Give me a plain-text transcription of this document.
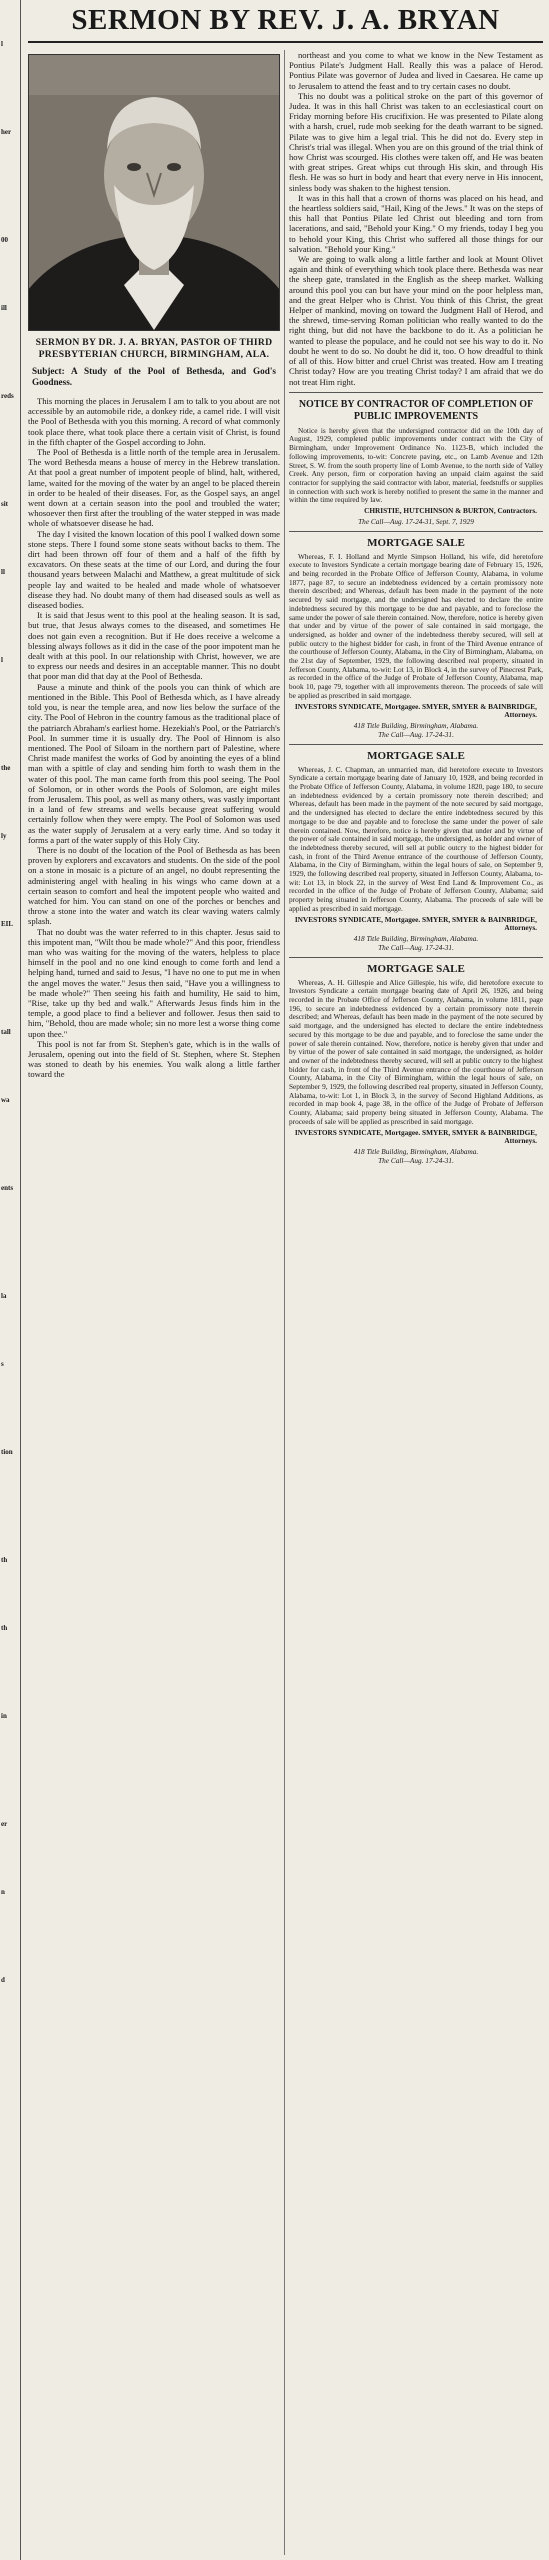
l
her
00
ill
reds
sit
ll
l
the
ly
EIL
tall
wa
ents
la
s
tion
th
th
in
er
n
d
SERMON BY REV. J. A. BRYAN
SERMON BY DR. J. A. BRYAN, PASTOR OF THIRD PRESBYTERIAN CHURCH, BIRMINGHAM, ALA.
Subject: A Study of the Pool of Bethesda, and God's Goodness.

This morning the places in Jerusalem I am to talk to you about are not accessible by an automobile ride, a donkey ride, a camel ride. I will visit the Pool of Bethesda with you this morning. A record of what commonly took place there, what took place there a certain visit of Christ, is found in the fifth chapter of the Gospel according to John.

The Pool of Bethesda is a little north of the temple area in Jerusalem. The word Bethesda means a house of mercy in the Hebrew translation. At that pool a great number of impotent people of blind, halt, withered, lame, waited for the moving of the water by an angel to be placed therein in order to be healed of their diseases. For, as the Gospel says, an angel went down at a certain season into the pool and troubled the water; whosoever then first after the troubling of the water stepped in was made whole of whatsoever disease he had.

The day I visited the known location of this pool I walked down some stone steps. There I found some stone seats without backs to them. The dirt had been thrown off four of them and a half of the fifth by excavators. On these seats at the time of our Lord, and during the four thousand years between Malachi and Matthew, a great multitude of sick people lay and waited to be healed and made whole of whatsoever disease they had. No doubt many of them had diseased souls as well as diseased bodies.

It is said that Jesus went to this pool at the healing season. It is sad, but true, that Jesus always comes to the diseased, and sometimes He does not gain even a recognition. But if He does receive a welcome a blessing always follows as it did in the case of the poor impotent man he dealt with at this pool. In our relationship with Christ, however, we are to express our needs and desires in an acceptable manner. This no doubt that poor man did that day at the Pool of Bethesda.

Pause a minute and think of the pools you can think of which are mentioned in the Bible. This Pool of Bethesda which, as I have already told you, is near the temple area, and now lies below the surface of the city. The Pool of Hebron in the country famous as the traditional place of the patriarch Abraham's earliest home. Hezekiah's Pool, or the Patriarch's Pool. In summer time it is usually dry. The Pool of Hinnom is also mentioned. The Pool of Siloam in the northern part of Palestine, where Christ made manifest the works of God by anointing the eyes of a blind man with a spittle of clay and sending him forth to wash them in the water of this pool. The man came forth from this pool seeing. The Pool of Solomon, or in other words the Pools of Solomon, are eight miles from Jerusalem. This pool, as well as many others, was vastly important in a land of few streams and wells because great suffering would certainly follow when they were empty. The Pool of Solomon was used as the water supply of Jerusalem at a very early time. And so today it forms a part of the water supply of this Holy City.

There is no doubt of the location of the Pool of Bethesda as has been proven by explorers and excavators and students. On the side of the pool on a stone in mosaic is a picture of an angel, no doubt representing the administering angel with healing in his wings who came down at a certain season to comfort and heal the impotent people who waited and watched for him. You can stand on one of the porches or benches and throw a stone into the water and watch its clear waving waters calmly splash.

That no doubt was the water referred to in this chapter. Jesus said to this impotent man, "Wilt thou be made whole?" And this poor, friendless man who was waiting for the moving of the waters, helpless to place himself in the pool and no one kind enough to come forth and lend a helping hand, turned and said to Jesus, "I have no one to put me in when the angel moves the water." Jesus then said, "Have you a willingness to be made whole?" Then seeing his faith and humility, He said to him, "Rise, take up thy bed and walk." Afterwards Jesus finds him in the temple, a good place to find a believer and follower. Jesus then said to him, "Behold, thou are made whole; sin no more lest a worse thing come upon thee."

This pool is not far from St. Stephen's gate, which is in the walls of Jerusalem, opening out into the field of St. Stephen, where St. Stephen was stoned to death by his enemies. You walk along a little farther toward the

northeast and you come to what we know in the New Testament as Pontius Pilate's Judgment Hall. Really this was a palace of Herod. Pontius Pilate was governor of Judea and lived in Caesarea. He came up to Jerusalem to attend the feast and to try certain cases no doubt.

This no doubt was a political stroke on the part of this governor of Judea. It was in this hall Christ was taken to an ecclesiastical court on Friday morning before His crucifixion. He was presented to Pilate along with a harsh, cruel, rude mob seeking for the death warrant to be signed. Pilate was to give him a legal trial. This he did not do. Every step in Christ's trial was illegal. When you are on this ground of the trial think of how Christ was scourged. His clothes were taken off, and He was beaten with great stripes. Great whips cut through His skin, and through His flesh. He was so hurt in body and heart that every nerve in His innocent, sinless body was shaken to the highest tension.

It was in this hall that a crown of thorns was placed on his head, and the heartless soldiers said, "Hail, King of the Jews." It was on the steps of this hall that Pontius Pilate led Christ out bleeding and torn from lacerations, and said, "Behold your King." O my friends, today I beg you to behold your King, this Christ who suffered all those things for our salvation. "Behold your King."

We are going to walk along a little farther and look at Mount Olivet again and think of everything which took place there. Bethesda was near the sheep gate, translated in the English as the sheep market. Walking around this pool you can but have your mind on the poor helpless man, and the great Helper who is Christ. You think of this Christ, the great Helper of mankind, moving on toward the Judgment Hall of Herod, and the shrewd, time-serving Roman politician who really wanted to do the right thing, but did not have the backbone to do it. As a politician he wanted to please the populace, and he could not see his way to do it. No doubt he went to do so. No doubt he did it, too. O how dreadful to think of all of this. How bitter and cruel Christ was treated. How am I treating Christ today? How are you treating Christ today? I am afraid that we do not treat Him right.

NOTICE BY CONTRACTOR OF COMPLETION OF PUBLIC IMPROVEMENTS

Notice is hereby given that the undersigned contractor did on the 10th day of August, 1929, completed public improvements under contract with the City of Birmingham, under Improvement Ordinance No. 1123-B, which included the following improvements, to-wit: Concrete paving, etc., on Lamb Avenue and 12th Street, S. W. from the south property line of Lomb Avenue, to the north side of Valley Creek. Any person, firm or corporation having an unpaid claim against the said contractor for supplying the said contractor with labor, material, feedstuffs or supplies in connection with such work is hereby notified to present the same in the manner and within the time required by law.

CHRISTIE, HUTCHINSON & BURTON, Contractors.
The Call—Aug. 17-24-31, Sept. 7, 1929
MORTGAGE SALE

Whereas, F. I. Holland and Myrtle Simpson Holland, his wife, did heretofore execute to Investors Syndicate a certain mortgage bearing date of February 15, 1926, and being recorded in the Probate Office of Jefferson County, Alabama, in volume 1877, page 87, to secure an indebtedness evidenced by a certain promissory note therein described; and Whereas, default has been made in the payment of the note secured by said mortgage, and the undersigned has elected to declare the entire indebtedness secured by this mortgage to be due and payable, and to foreclose the same under the power of sale therein contained. Now, therefore, notice is hereby given that under and by virtue of the power of sale contained in said mortgage, the undersigned, as holder and owner of the indebtedness thereby secured, will sell at public outcry to the highest bidder for cash, in front of the Third Avenue entrance of the courthouse of Jefferson County, Alabama, in the City of Birmingham, Alabama, on the 21st day of September, 1929, the following described real property, situated in Jefferson County, Alabama, to-wit: Lot 13, in Block 4, in the survey of Pinecrest Park, as recorded in the office of the Judge of Probate of Jefferson County, Alabama, map book 10, page 79, together with all improvements thereon. The proceeds of sale will be applied as prescribed in said mortgage.

INVESTORS SYNDICATE, Mortgagee. SMYER, SMYER & BAINBRIDGE, Attorneys.
418 Title Building, Birmingham, Alabama.
The Call—Aug. 17-24-31.
MORTGAGE SALE

Whereas, J. C. Chapman, an unmarried man, did heretofore execute to Investors Syndicate a certain mortgage bearing date of January 10, 1928, and being recorded in the Probate Office of Jefferson County, Alabama, in volume 1820, page 180, to secure an indebtedness evidenced by a certain promissory note therein described; and Whereas, default has been made in the payment of the note secured by said mortgage, and the undersigned has elected to declare the entire indebtedness secured by this mortgage to be due and payable and to foreclose the same under the power of sale therein contained. Now, therefore, notice is hereby given that under and by virtue of the power of sale contained in said mortgage, the undersigned, as holder and owner of the indebtedness thereby secured, will sell at public outcry to the highest bidder for cash, in front of the Third Avenue entrance of the courthouse of Jefferson County, Alabama, in the City of Birmingham, within the legal hours of sale, on September 9, 1929, the following described real property, situated in Jefferson County, Alabama, to-wit: Lot 13, in block 22, in the survey of West End Land & Improvement Co., as recorded in the office of the Judge of Probate of Jefferson County, Alabama; said property being situated in Jefferson County, Alabama. The proceeds of sale will be applied as prescribed in said mortgage.

INVESTORS SYNDICATE, Mortgagee. SMYER, SMYER & BAINBRIDGE, Attorneys.
418 Title Building, Birmingham, Alabama.
The Call—Aug. 17-24-31.
MORTGAGE SALE

Whereas, A. H. Gillespie and Alice Gillespie, his wife, did heretofore execute to Investors Syndicate a certain mortgage bearing date of April 26, 1926, and being recorded in the Probate Office of Jefferson County, Alabama, in volume 1811, page 196, to secure an indebtedness evidenced by a certain promissory note therein described; and Whereas, default has been made in the payment of the note secured by said mortgage, and the undersigned has elected to declare the entire indebtedness secured by this mortgage to be due and payable, and to foreclose the same under the power of sale therein contained. Now, therefore, notice is hereby given that under and by virtue of the power of sale contained in said mortgage, the undersigned, as holder and owner of the indebtedness thereby secured, will sell at public outcry to the highest bidder for cash, in front of the Third Avenue entrance of the courthouse of Jefferson County, Alabama, in the City of Birmingham, within the legal hours of sale, on September 9, 1929, the following described real property, situated in Jefferson County, Alabama, to-wit: Lot 1, in Block 3, in the survey of Second Highland Additions, as recorded in map book 4, page 38, in the office of the Judge of Probate of Jefferson County, Alabama; said property being situated in Jefferson County, Alabama. The proceeds of sale will be applied as prescribed in said mortgage.

INVESTORS SYNDICATE, Mortgagee. SMYER, SMYER & BAINBRIDGE, Attorneys.
418 Title Building, Birmingham, Alabama.
The Call—Aug. 17-24-31.
